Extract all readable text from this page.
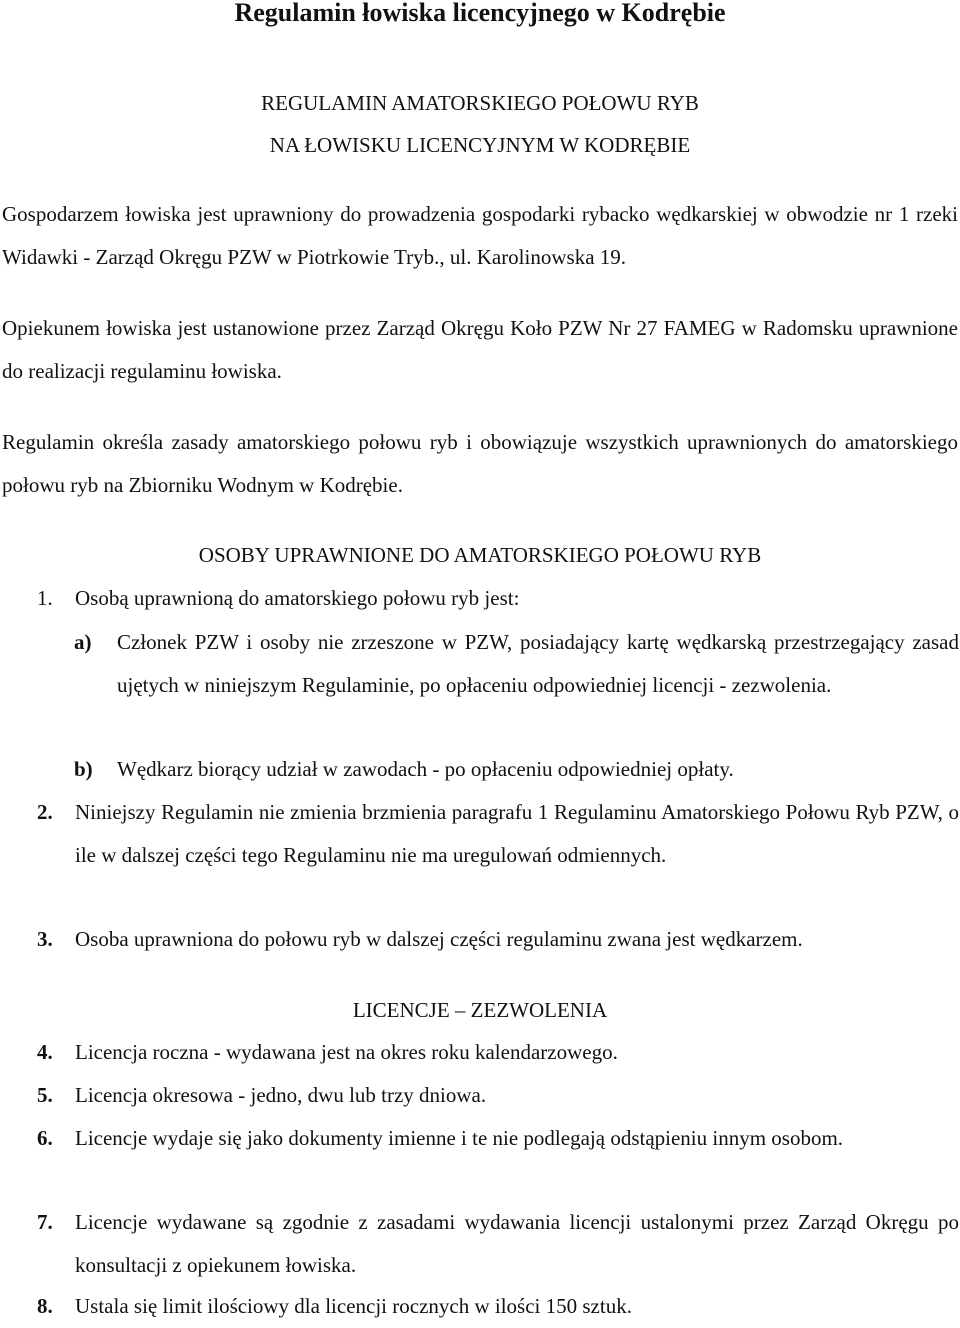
Regulamin łowiska licencyjnego w Kodrębie
REGULAMIN AMATORSKIEGO POŁOWU RYB
NA ŁOWISKU LICENCYJNYM W KODRĘBIE

Gospodarzem łowiska jest uprawniony do prowadzenia gospodarki rybacko wędkarskiej w obwodzie nr 1 rzeki Widawki - Zarząd Okręgu PZW w Piotrkowie Tryb., ul. Karolinowska 19.

Opiekunem łowiska jest ustanowione przez Zarząd Okręgu Koło PZW Nr 27 FAMEG w Radomsku uprawnione do realizacji regulaminu łowiska.

Regulamin określa zasady amatorskiego połowu ryb i obowiązuje wszystkich uprawnionych do amatorskiego połowu ryb na Zbiorniku Wodnym w Kodrębie.

OSOBY UPRAWNIONE DO AMATORSKIEGO POŁOWU RYB
1. Osobą uprawnioną do amatorskiego połowu ryb jest:
a) Członek PZW i osoby nie zrzeszone w PZW, posiadający kartę wędkarską przestrzegający zasad ujętych w niniejszym Regulaminie, po opłaceniu odpowiedniej licencji - zezwolenia.
b) Wędkarz biorący udział w zawodach - po opłaceniu odpowiedniej opłaty.
2. Niniejszy Regulamin nie zmienia brzmienia paragrafu 1 Regulaminu Amatorskiego Połowu Ryb PZW, o ile w dalszej części tego Regulaminu nie ma uregulowań odmiennych.
3. Osoba uprawniona do połowu ryb w dalszej części regulaminu zwana jest wędkarzem.
LICENCJE – ZEZWOLENIA
4. Licencja roczna - wydawana jest na okres roku kalendarzowego.
5. Licencja okresowa - jedno, dwu lub trzy dniowa.
6. Licencje wydaje się jako dokumenty imienne i te nie podlegają odstąpieniu innym osobom.
7. Licencje wydawane są zgodnie z zasadami wydawania licencji ustalonymi przez Zarząd Okręgu po konsultacji z opiekunem łowiska.
8. Ustala się limit ilościowy dla licencji rocznych w ilości 150 sztuk.
